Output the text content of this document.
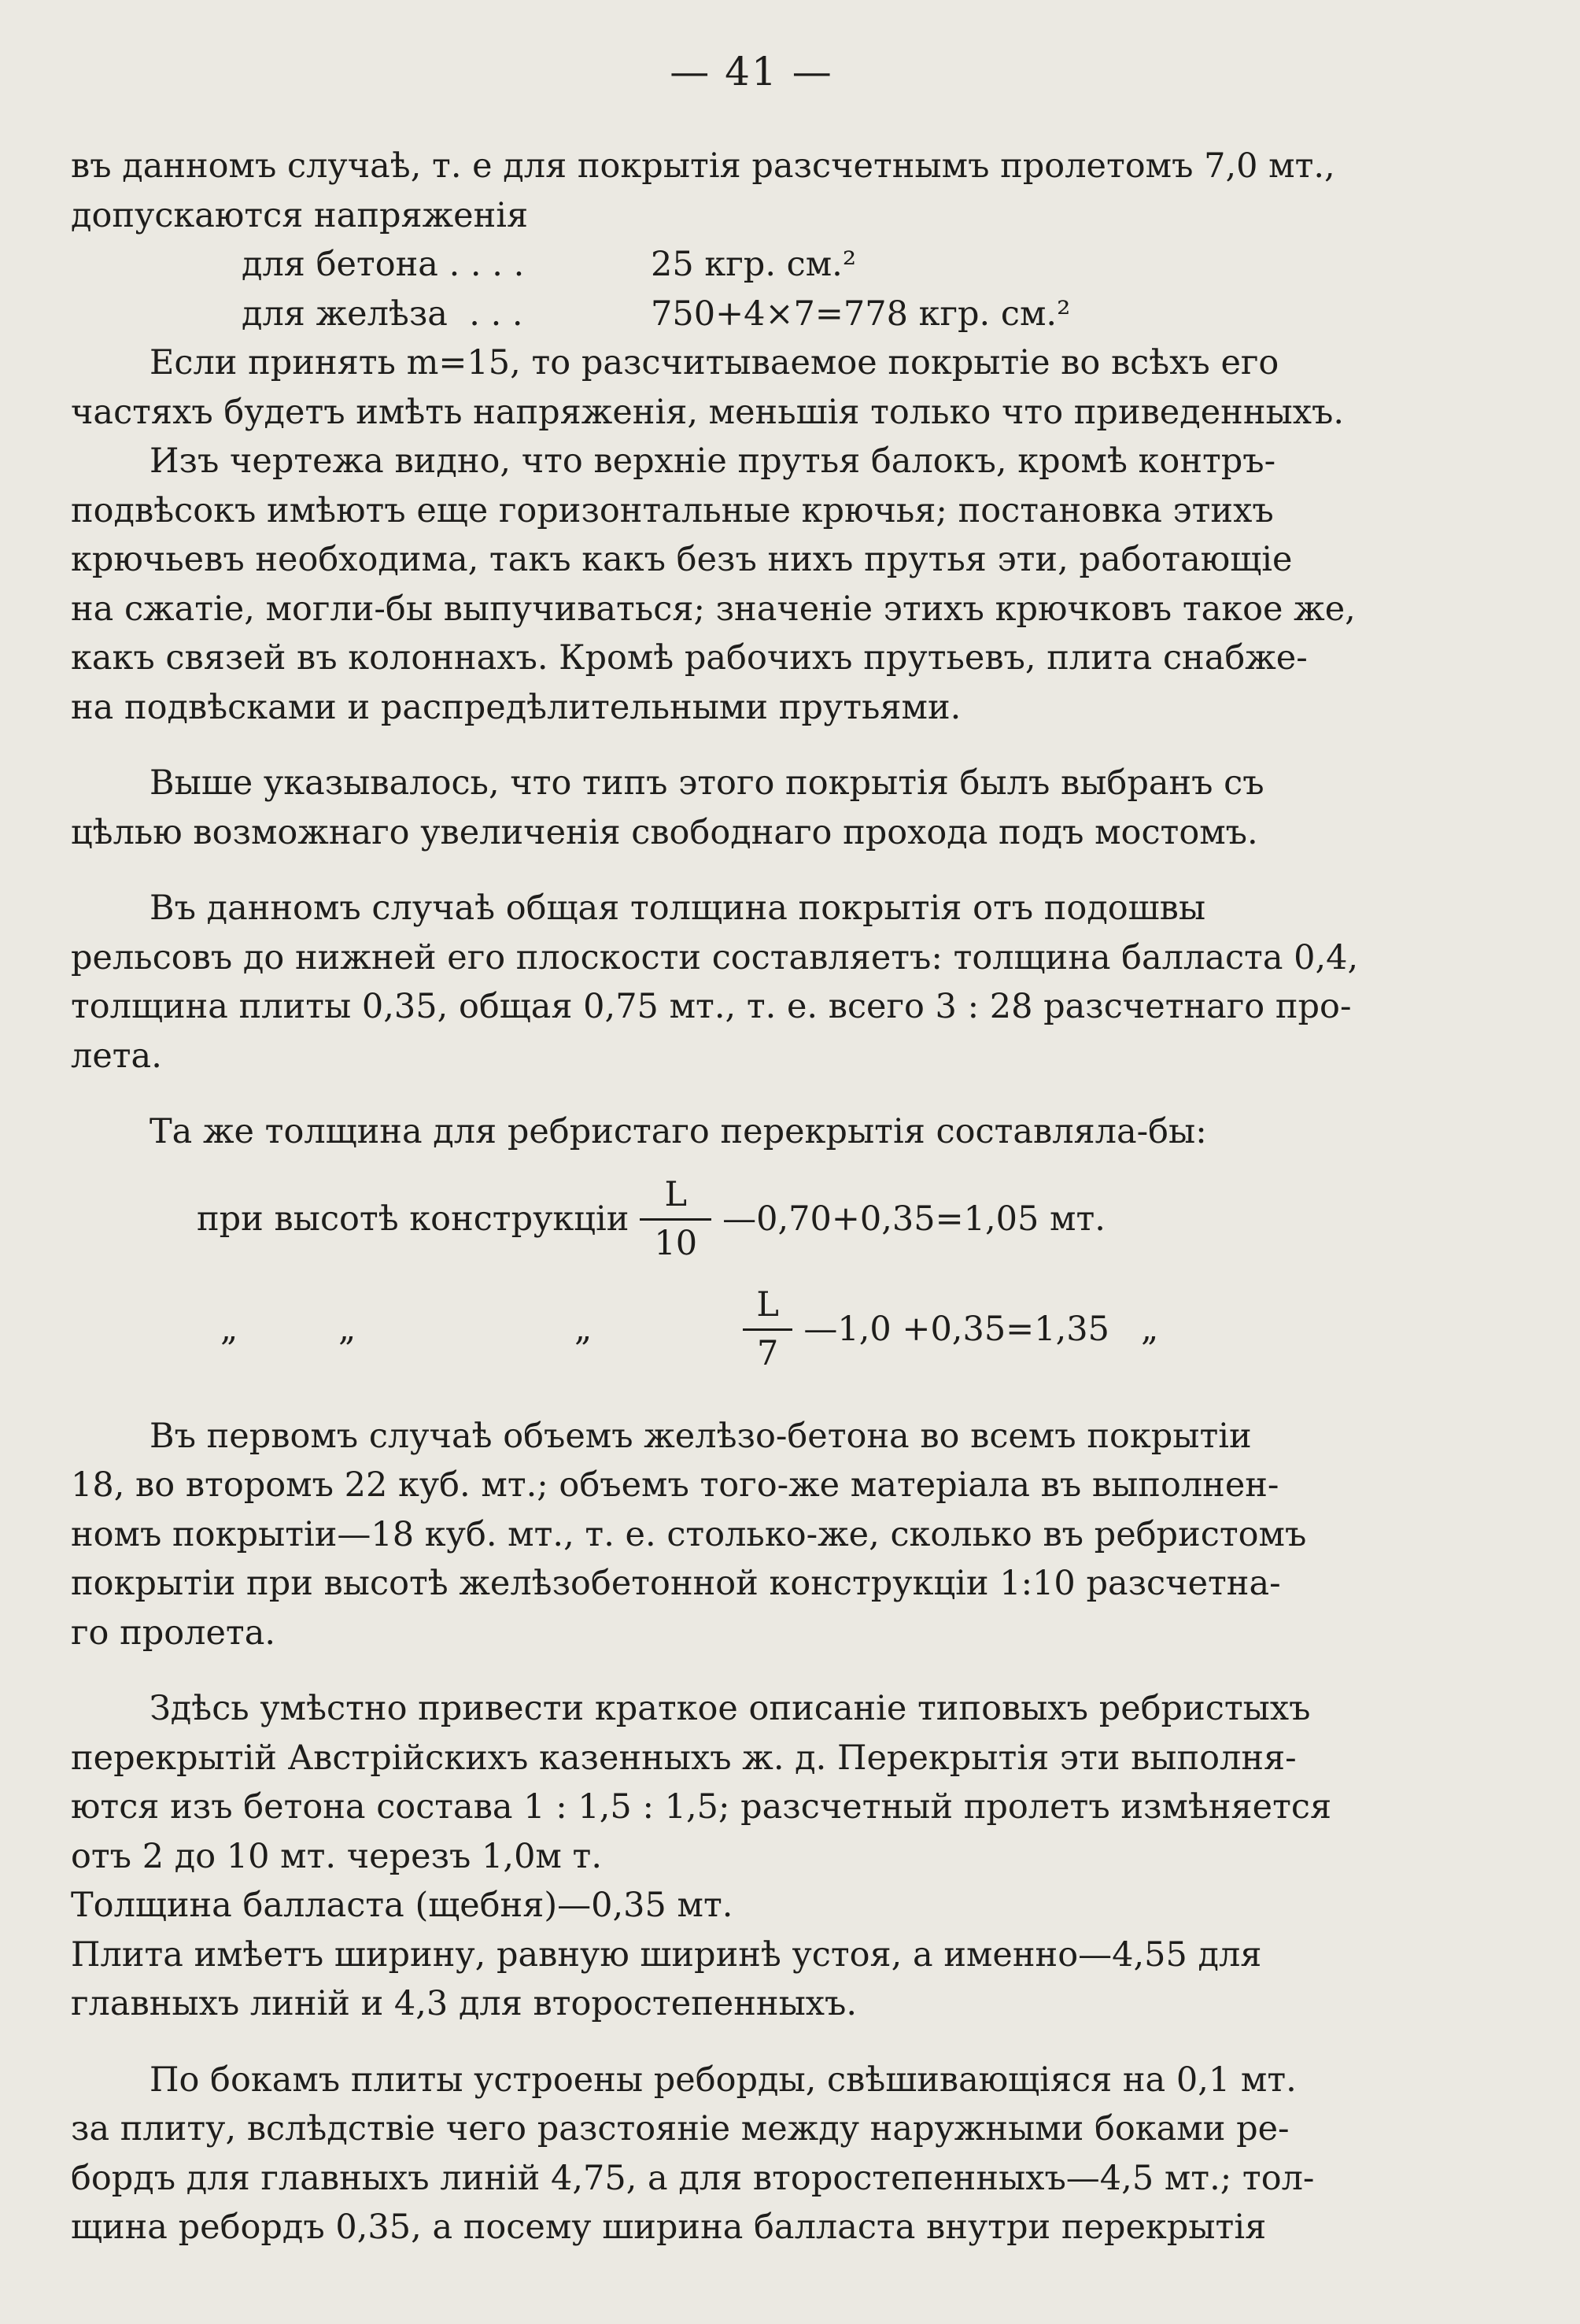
— 41 —

въ данномъ случаѣ, т. е для покрытія разсчетнымъ пролетомъ 7,0 мт.,
допускаются напряженія

для бетона . . . .	25 кгр. см.²
для желѣза  . . .	750+4×7=778 кгр. см.²

Если принять m=15, то разсчитываемое покрытіе во всѣхъ его
частяхъ будетъ имѣть напряженія, меньшія только что приведенныхъ.

Изъ чертежа видно, что верхніе прутья балокъ, кромѣ контръ-
подвѣсокъ имѣютъ еще горизонтальные крючья; постановка этихъ
крючьевъ необходима, такъ какъ безъ нихъ прутья эти, работающіе
на сжатіе, могли-бы выпучиваться; значеніе этихъ крючковъ такое же,
какъ связей въ колоннахъ. Кромѣ рабочихъ прутьевъ, плита снабже-
на подвѣсками и распредѣлительными прутьями.

Выше указывалось, что типъ этого покрытія былъ выбранъ съ
цѣлью возможнаго увеличенія свободнаго прохода подъ мостомъ.

Въ данномъ случаѣ общая толщина покрытія отъ подошвы
рельсовъ до нижней его плоскости составляетъ: толщина балласта 0,4,
толщина плиты 0,35, общая 0,75 мт., т. е. всего 3 : 28 разсчетнаго про-
лета.

Та же толщина для ребристаго перекрытія составляла-бы:

при высотѣ конструкціи $\frac{L}{10}$ —0,70+0,35=1,05 мт.
„	„	„	$\frac{L}{7}$ —1,0 +0,35=1,35 „

Въ первомъ случаѣ объемъ желѣзо-бетона во всемъ покрытіи
18, во второмъ 22 куб. мт.; объемъ того-же матеріала въ выполнен-
номъ покрытіи—18 куб. мт., т. е. столько-же, сколько въ ребристомъ
покрытіи при высотѣ желѣзобетонной конструкціи 1:10 разсчетна-
го пролета.

Здѣсь умѣстно привести краткое описаніе типовыхъ ребристыхъ
перекрытій Австрійскихъ казенныхъ ж. д. Перекрытія эти выполня-
ются изъ бетона состава 1 : 1,5 : 1,5; разсчетный пролетъ измѣняется
отъ 2 до 10 мт. черезъ 1,0м т.

Толщина балласта (щебня)—0,35 мт.

Плита имѣетъ ширину, равную ширинѣ устоя, а именно—4,55 для
главныхъ линій и 4,3 для второстепенныхъ.

По бокамъ плиты устроены реборды, свѣшивающіяся на 0,1 мт.
за плиту, вслѣдствіе чего разстояніе между наружными боками ре-
бордъ для главныхъ линій 4,75, а для второстепенныхъ—4,5 мт.; тол-
щина ребордъ 0,35, а посему ширина балласта внутри перекрытія
